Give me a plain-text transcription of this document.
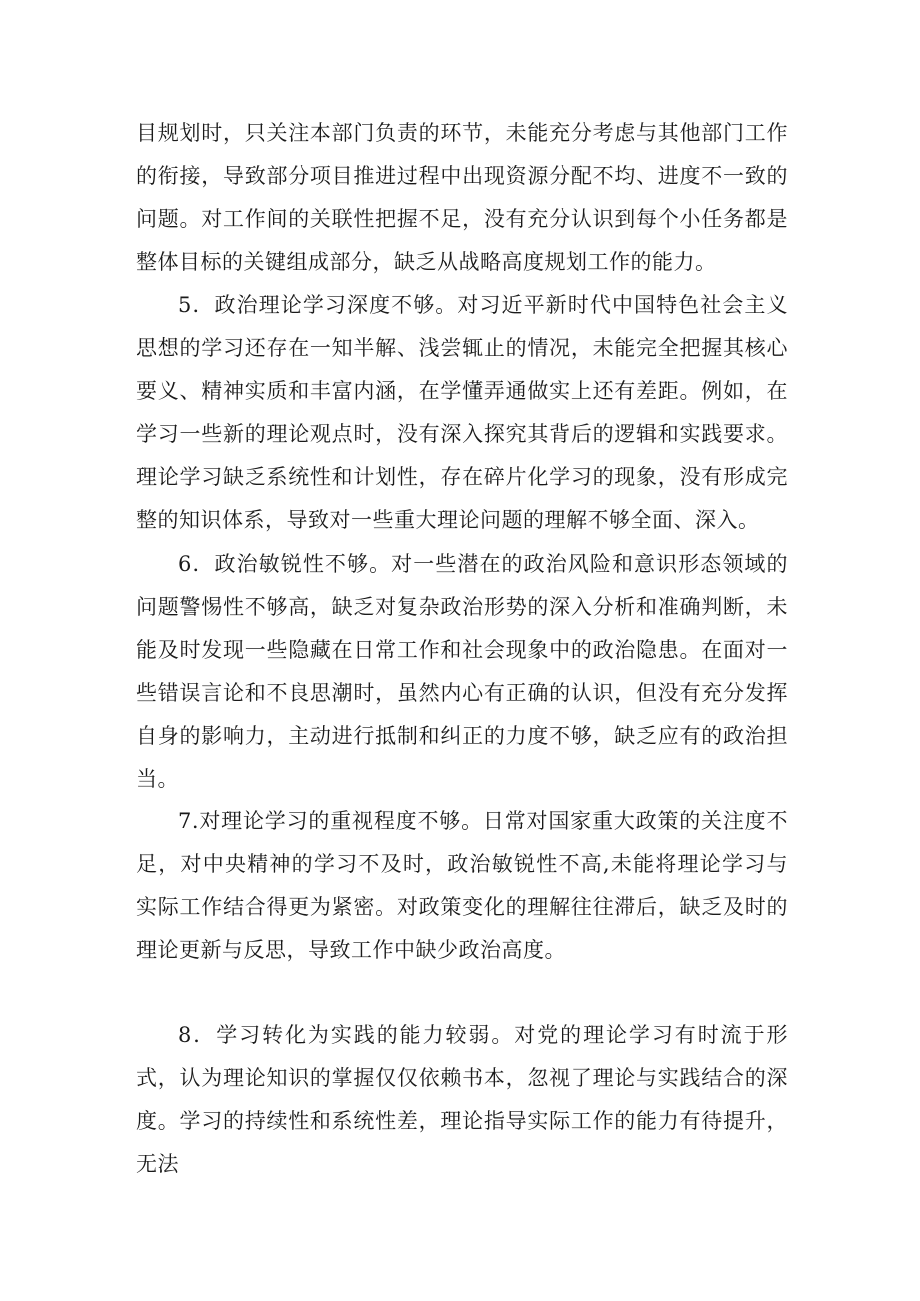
目规划时，只关注本部门负责的环节，未能充分考虑与其他部门工作的衔接，导致部分项目推进过程中出现资源分配不均、进度不一致的问题。对工作间的关联性把握不足，没有充分认识到每个小任务都是整体目标的关键组成部分，缺乏从战略高度规划工作的能力。

5．政治理论学习深度不够。对习近平新时代中国特色社会主义思想的学习还存在一知半解、浅尝辄止的情况，未能完全把握其核心要义、精神实质和丰富内涵，在学懂弄通做实上还有差距。例如，在学习一些新的理论观点时，没有深入探究其背后的逻辑和实践要求。理论学习缺乏系统性和计划性，存在碎片化学习的现象，没有形成完整的知识体系，导致对一些重大理论问题的理解不够全面、深入。

6．政治敏锐性不够。对一些潜在的政治风险和意识形态领域的问题警惕性不够高，缺乏对复杂政治形势的深入分析和准确判断，未能及时发现一些隐藏在日常工作和社会现象中的政治隐患。在面对一些错误言论和不良思潮时，虽然内心有正确的认识，但没有充分发挥自身的影响力，主动进行抵制和纠正的力度不够，缺乏应有的政治担当。

7.对理论学习的重视程度不够。日常对国家重大政策的关注度不足，对中央精神的学习不及时，政治敏锐性不高,未能将理论学习与实际工作结合得更为紧密。对政策变化的理解往往滞后，缺乏及时的理论更新与反思，导致工作中缺少政治高度。

8．学习转化为实践的能力较弱。对党的理论学习有时流于形式，认为理论知识的掌握仅仅依赖书本，忽视了理论与实践结合的深度。学习的持续性和系统性差，理论指导实际工作的能力有待提升，无法
